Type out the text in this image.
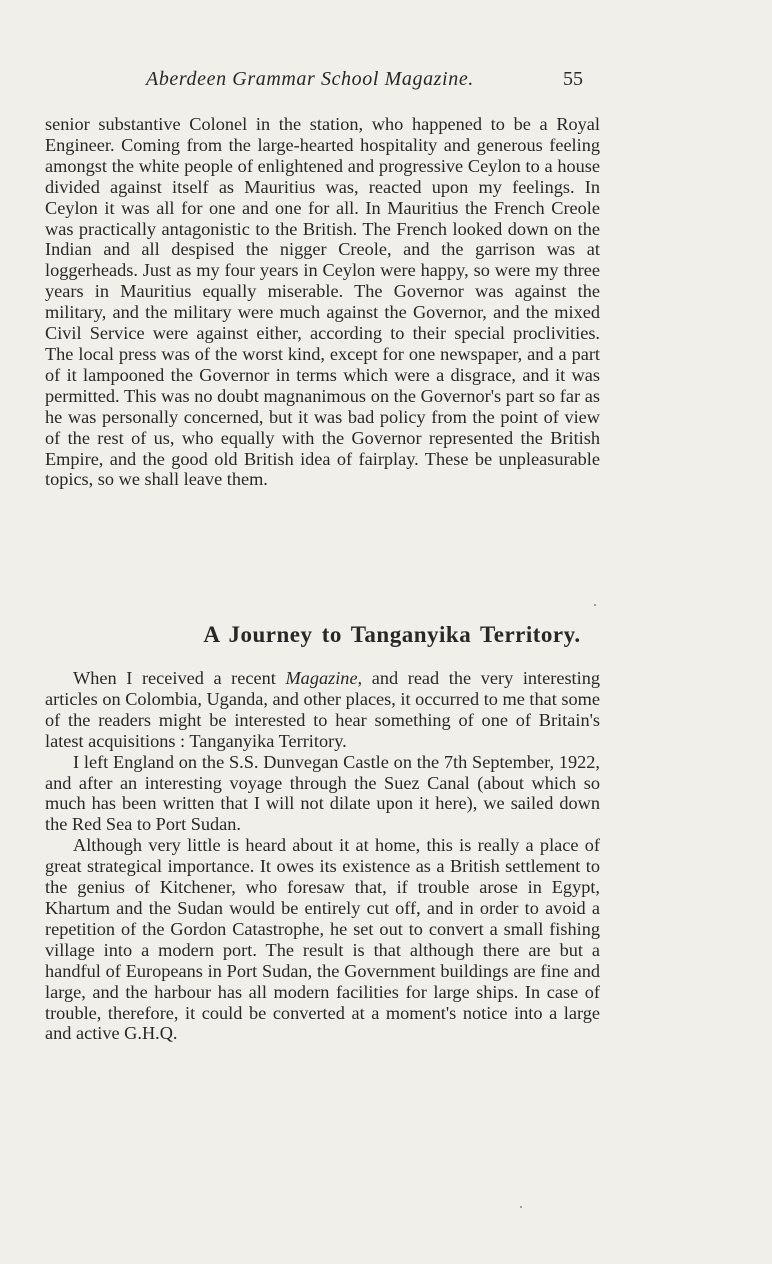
Aberdeen Grammar School Magazine.	55

senior substantive Colonel in the station, who happened to be a Royal Engineer. Coming from the large-hearted hospitality and generous feeling amongst the white people of enlightened and progressive Ceylon to a house divided against itself as Mauritius was, reacted upon my feelings. In Ceylon it was all for one and one for all. In Mauritius the French Creole was practically antagonistic to the British. The French looked down on the Indian and all despised the nigger Creole, and the garrison was at loggerheads. Just as my four years in Ceylon were happy, so were my three years in Mauritius equally miserable. The Governor was against the military, and the military were much against the Governor, and the mixed Civil Service were against either, according to their special proclivities. The local press was of the worst kind, except for one newspaper, and a part of it lampooned the Governor in terms which were a disgrace, and it was permitted. This was no doubt magnanimous on the Governor's part so far as he was personally concerned, but it was bad policy from the point of view of the rest of us, who equally with the Governor represented the British Empire, and the good old British idea of fairplay. These be unpleasurable topics, so we shall leave them.

A Journey to Tanganyika Territory.

When I received a recent Magazine, and read the very interesting articles on Colombia, Uganda, and other places, it occurred to me that some of the readers might be interested to hear something of one of Britain's latest acquisitions : Tanganyika Territory.

I left England on the S.S. Dunvegan Castle on the 7th September, 1922, and after an interesting voyage through the Suez Canal (about which so much has been written that I will not dilate upon it here), we sailed down the Red Sea to Port Sudan.

Although very little is heard about it at home, this is really a place of great strategical importance. It owes its existence as a British settlement to the genius of Kitchener, who foresaw that, if trouble arose in Egypt, Khartum and the Sudan would be entirely cut off, and in order to avoid a repetition of the Gordon Catastrophe, he set out to convert a small fishing village into a modern port. The result is that although there are but a handful of Europeans in Port Sudan, the Government buildings are fine and large, and the harbour has all modern facilities for large ships. In case of trouble, therefore, it could be converted at a moment's notice into a large and active G.H.Q.
